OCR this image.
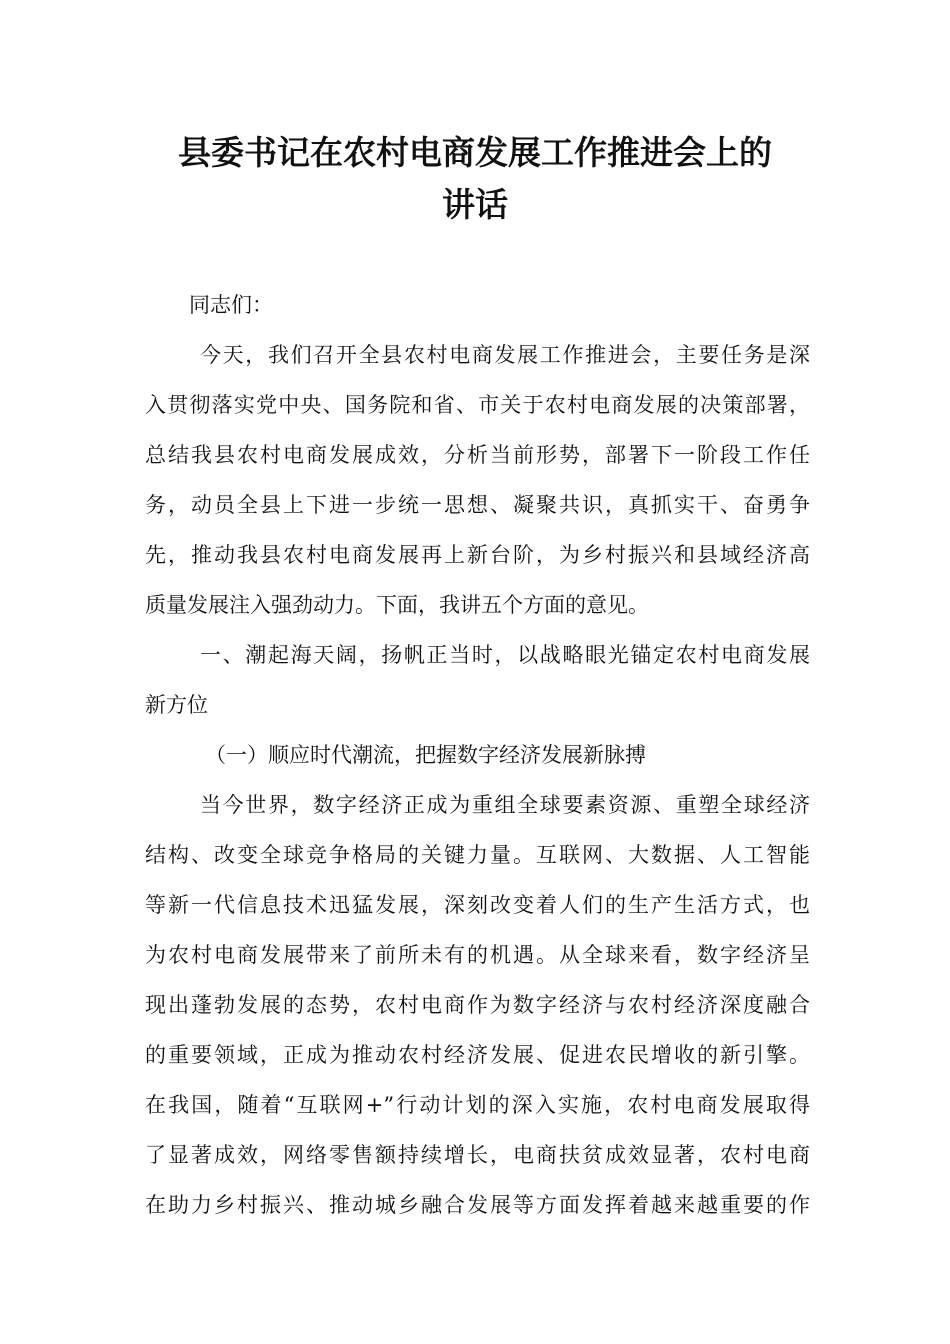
县委书记在农村电商发展工作推进会上的
讲话
同志们：
今天，我们召开全县农村电商发展工作推进会，主要任务是深
入贯彻落实党中央、国务院和省、市关于农村电商发展的决策部署，
总结我县农村电商发展成效，分析当前形势，部署下一阶段工作任
务，动员全县上下进一步统一思想、凝聚共识，真抓实干、奋勇争
先，推动我县农村电商发展再上新台阶，为乡村振兴和县域经济高
质量发展注入强劲动力。下面，我讲五个方面的意见。
一、潮起海天阔，扬帆正当时，以战略眼光锚定农村电商发展
新方位
（一）顺应时代潮流，把握数字经济发展新脉搏
当今世界，数字经济正成为重组全球要素资源、重塑全球经济
结构、改变全球竞争格局的关键力量。互联网、大数据、人工智能
等新一代信息技术迅猛发展，深刻改变着人们的生产生活方式，也
为农村电商发展带来了前所未有的机遇。从全球来看，数字经济呈
现出蓬勃发展的态势，农村电商作为数字经济与农村经济深度融合
的重要领域，正成为推动农村经济发展、促进农民增收的新引擎。
在我国，随着“互联网+”行动计划的深入实施，农村电商发展取得
了显著成效，网络零售额持续增长，电商扶贫成效显著，农村电商
在助力乡村振兴、推动城乡融合发展等方面发挥着越来越重要的作
